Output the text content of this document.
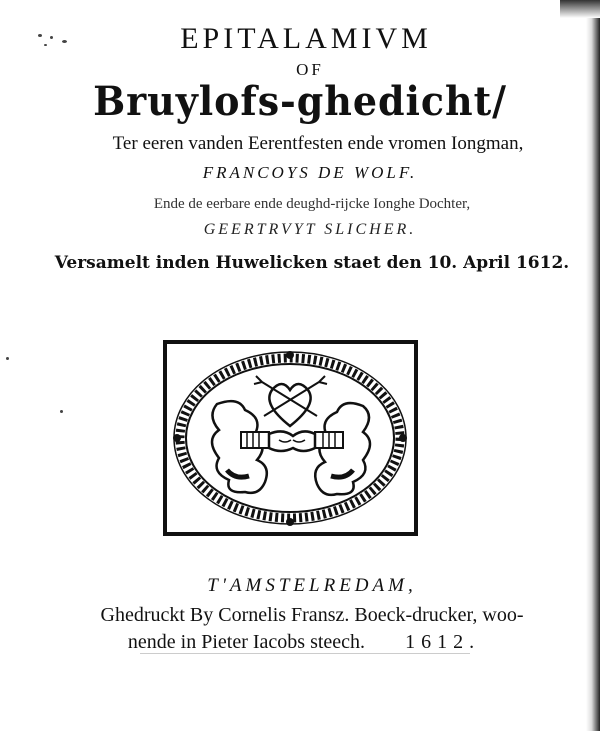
EPITALAMIVM
OF
Bruylofs-ghedicht/
Ter eeren vanden Eerentfesten ende vromen Iongman,
FRANCOYS DE WOLF.
Ende de eerbare ende deughd-rijcke Ionghe Dochter,
GEERTRVYT SLICHER.
Versamelt inden Huwelicken staet den 10. April 1612.
T'AMSTELREDAM,
Ghedruckt By Cornelis Fransz. Boeck-drucker, woo-
nende in Pieter Iacobs steech. 1612.
